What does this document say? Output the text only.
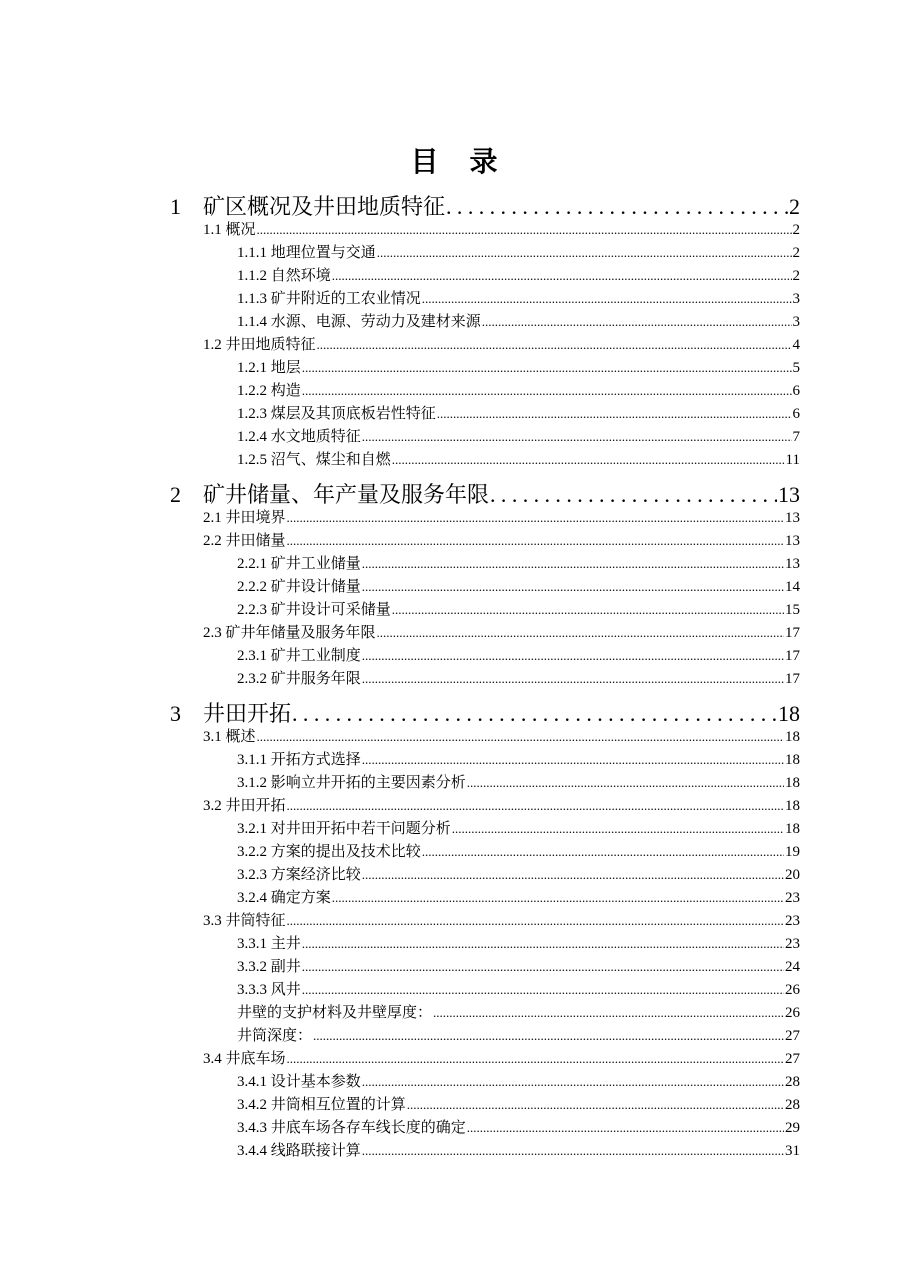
目 录
1 矿区概况及井田地质特征 .....	2
1.1 概况 .....	2
1.1.1 地理位置与交通 .....	2
1.1.2 自然环境 .....	2
1.1.3 矿井附近的工农业情况 .....	3
1.1.4 水源、电源、劳动力及建材来源 .....	3
1.2 井田地质特征 .....	4
1.2.1 地层 .....	5
1.2.2 构造 .....	6
1.2.3 煤层及其顶底板岩性特征 .....	6
1.2.4 水文地质特征 .....	7
1.2.5 沼气、煤尘和自燃 .....	11
2 矿井储量、年产量及服务年限 .....	13
2.1 井田境界 .....	13
2.2 井田储量 .....	13
2.2.1 矿井工业储量 .....	13
2.2.2 矿井设计储量 .....	14
2.2.3 矿井设计可采储量 .....	15
2.3 矿井年储量及服务年限 .....	17
2.3.1 矿井工业制度 .....	17
2.3.2 矿井服务年限 .....	17
3 井田开拓 .....	18
3.1 概述 .....	18
3.1.1 开拓方式选择 .....	18
3.1.2 影响立井开拓的主要因素分析 .....	18
3.2 井田开拓 .....	18
3.2.1 对井田开拓中若干问题分析 .....	18
3.2.2 方案的提出及技术比较 .....	19
3.2.3 方案经济比较 .....	20
3.2.4 确定方案 .....	23
3.3 井筒特征 .....	23
3.3.1 主井 .....	23
3.3.2 副井 .....	24
3.3.3 风井 .....	26
井壁的支护材料及井壁厚度： .....	26
井筒深度： .....	27
3.4 井底车场 .....	27
3.4.1 设计基本参数 .....	28
3.4.2 井筒相互位置的计算 .....	28
3.4.3 井底车场各存车线长度的确定 .....	29
3.4.4 线路联接计算 .....	31
